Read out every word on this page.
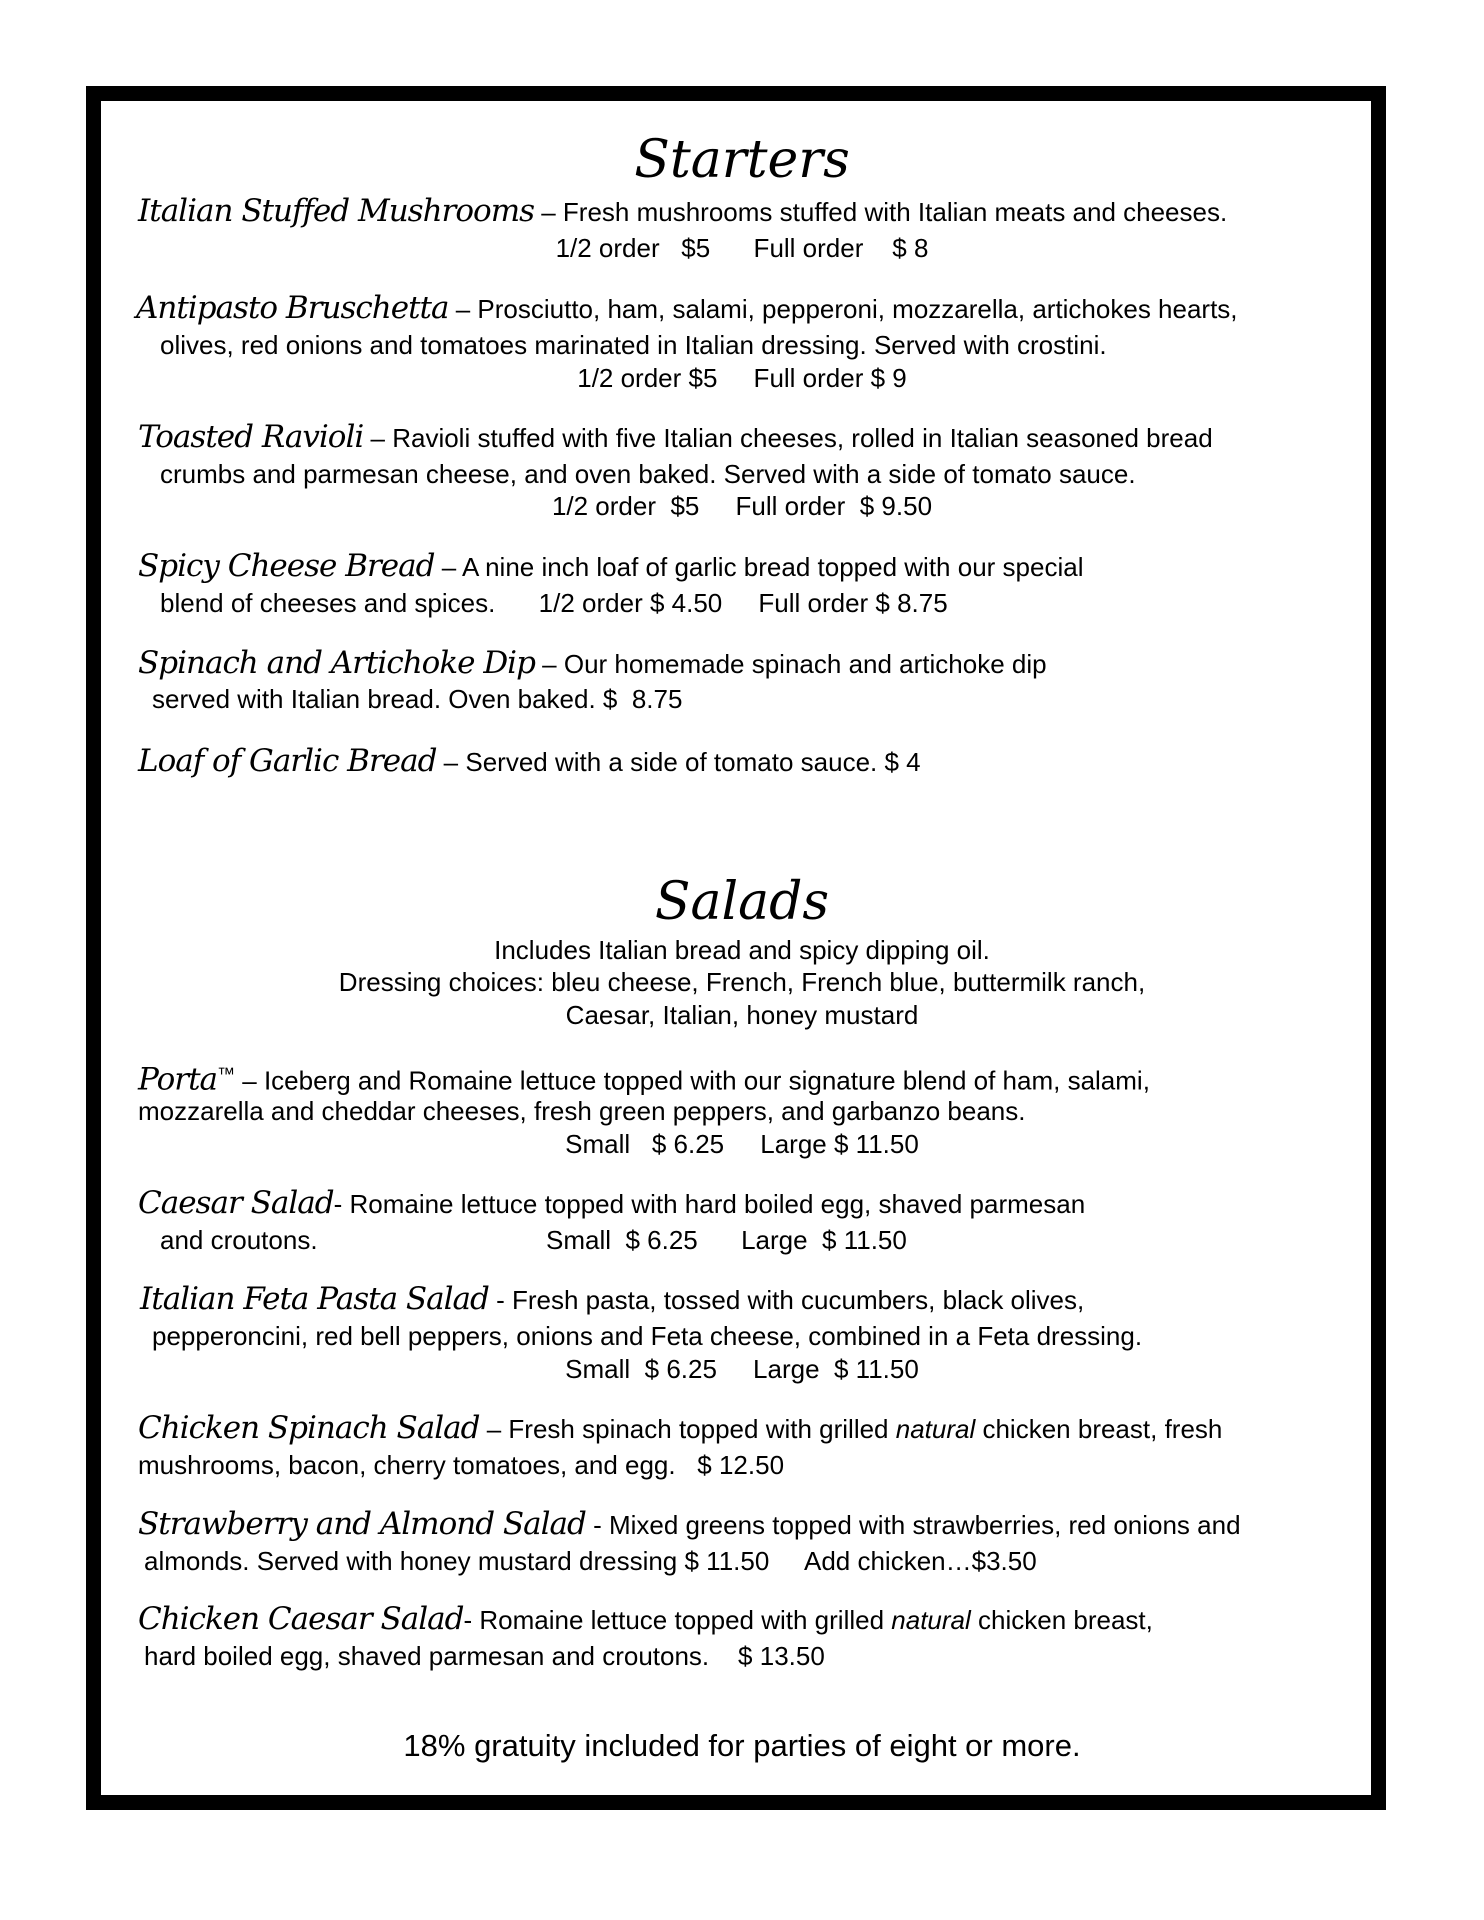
Starters
Italian Stuffed Mushrooms – Fresh mushrooms stuffed with Italian meats and cheeses.
1/2 order   $5      Full order    $ 8
Antipasto Bruschetta – Prosciutto, ham, salami, pepperoni, mozzarella, artichokes hearts,
olives, red onions and tomatoes marinated in Italian dressing. Served with crostini.
1/2 order $5     Full order $ 9
Toasted Ravioli – Ravioli stuffed with five Italian cheeses, rolled in Italian seasoned bread
crumbs and parmesan cheese, and oven baked. Served with a side of tomato sauce.
1/2 order  $5     Full order  $ 9.50
Spicy Cheese Bread – A nine inch loaf of garlic bread topped with our special
blend of cheeses and spices.      1/2 order $ 4.50     Full order $ 8.75
Spinach and Artichoke Dip – Our homemade spinach and artichoke dip
served with Italian bread. Oven baked. $  8.75
Loaf of Garlic Bread – Served with a side of tomato sauce. $ 4
Salads
Includes Italian bread and spicy dipping oil.
Dressing choices: bleu cheese, French, French blue, buttermilk ranch,
Caesar, Italian, honey mustard
Porta™ – Iceberg and Romaine lettuce topped with our signature blend of ham, salami,
mozzarella and cheddar cheeses, fresh green peppers, and garbanzo beans.
Small   $ 6.25     Large $ 11.50
Caesar Salad- Romaine lettuce topped with hard boiled egg, shaved parmesan
and croutons.	Small  $ 6.25      Large  $ 11.50
Italian Feta Pasta Salad - Fresh pasta, tossed with cucumbers, black olives,
pepperoncini, red bell peppers, onions and Feta cheese, combined in a Feta dressing.
Small  $ 6.25     Large  $ 11.50
Chicken Spinach Salad – Fresh spinach topped with grilled natural chicken breast, fresh
mushrooms, bacon, cherry tomatoes, and egg.   $ 12.50
Strawberry and Almond Salad - Mixed greens topped with strawberries, red onions and
almonds. Served with honey mustard dressing $ 11.50     Add chicken…$3.50
Chicken Caesar Salad- Romaine lettuce topped with grilled natural chicken breast,
hard boiled egg, shaved parmesan and croutons.    $ 13.50
18% gratuity included for parties of eight or more.
